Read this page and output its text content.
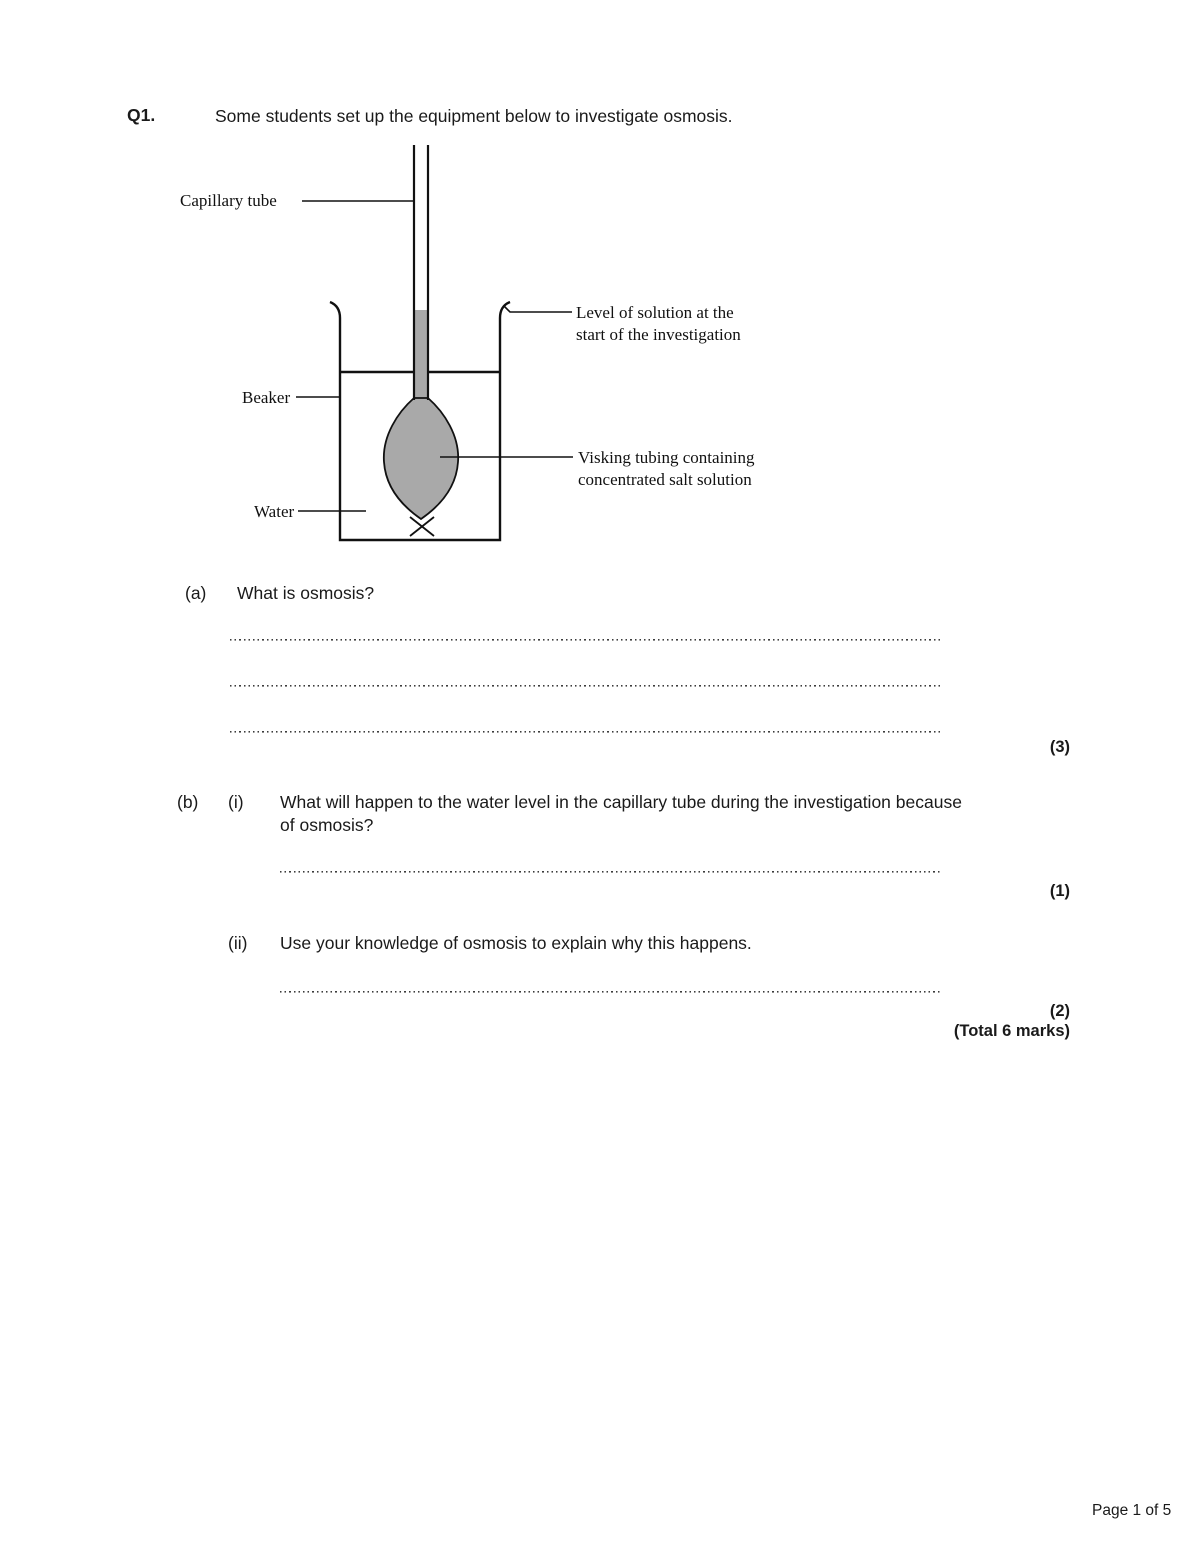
Q1.	Some students set up the equipment below to investigate osmosis.
Capillary tube
Level of solution at the
start of the investigation
Beaker
Visking tubing containing
concentrated salt solution
Water
(a) What is osmosis?
(3)
(b) (i) What will happen to the water level in the capillary tube during the investigation because of osmosis?
(1)
(ii) Use your knowledge of osmosis to explain why this happens.
(2)
(Total 6 marks)
Page 1 of 5
